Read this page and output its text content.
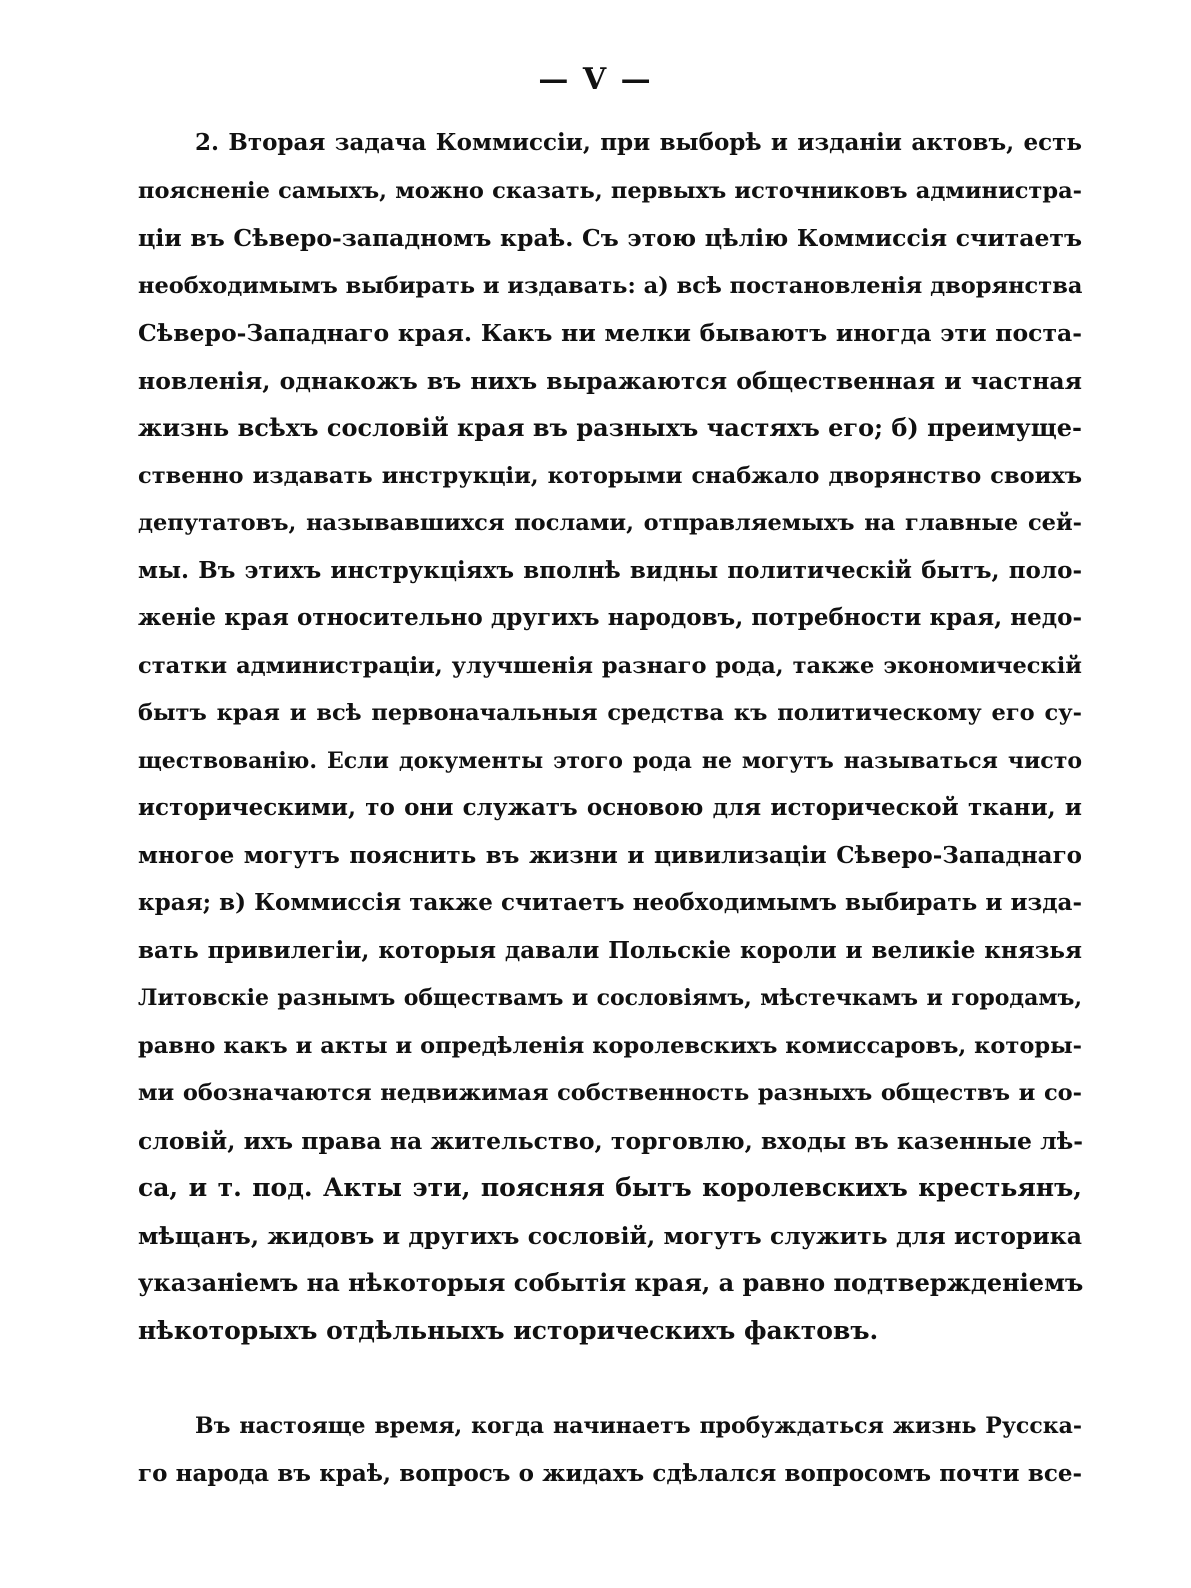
— V —
2. Вторая задача Коммиссіи, при выборѣ и изданіи актовъ, есть
поясненіе самыхъ, можно сказать, первыхъ источниковъ администра-
ціи въ Сѣверо-западномъ краѣ. Съ этою цѣлію Коммиссія считаетъ
необходимымъ выбирать и издавать: а) всѣ постановленія дворянства
Сѣверо-Западнаго края. Какъ ни мелки бываютъ иногда эти поста-
новленія, однакожъ въ нихъ выражаются общественная и частная
жизнь всѣхъ сословій края въ разныхъ частяхъ его; б) преимуще-
ственно издавать инструкціи, которыми снабжало дворянство своихъ
депутатовъ, называвшихся послами, отправляемыхъ на главные сей-
мы. Въ этихъ инструкціяхъ вполнѣ видны политическій бытъ, поло-
женіе края относительно другихъ народовъ, потребности края, недо-
статки администраціи, улучшенія разнаго рода, также экономическій
бытъ края и всѣ первоначальныя средства къ политическому его су-
ществованію. Если документы этого рода не могутъ называться чисто
историческими, то они служатъ основою для исторической ткани, и
многое могутъ пояснить въ жизни и цивилизаціи Сѣверо-Западнаго
края; в) Коммиссія также считаетъ необходимымъ выбирать и изда-
вать привилегіи, которыя давали Польскіе короли и великіе князья
Литовскіе разнымъ обществамъ и сословіямъ, мѣстечкамъ и городамъ,
равно какъ и акты и опредѣленія королевскихъ комиссаровъ, которы-
ми обозначаются недвижимая собственность разныхъ обществъ и со-
словій, ихъ права на жительство, торговлю, входы въ казенные лѣ-
са, и т. под. Акты эти, поясняя бытъ королевскихъ крестьянъ,
мѣщанъ, жидовъ и другихъ сословій, могутъ служить для историка
указаніемъ на нѣкоторыя событія края, а равно подтвержденіемъ
нѣкоторыхъ отдѣльныхъ историческихъ фактовъ.
Въ настояще время, когда начинаетъ пробуждаться жизнь Русска-
го народа въ краѣ, вопросъ о жидахъ сдѣлался вопросомъ почти все-
